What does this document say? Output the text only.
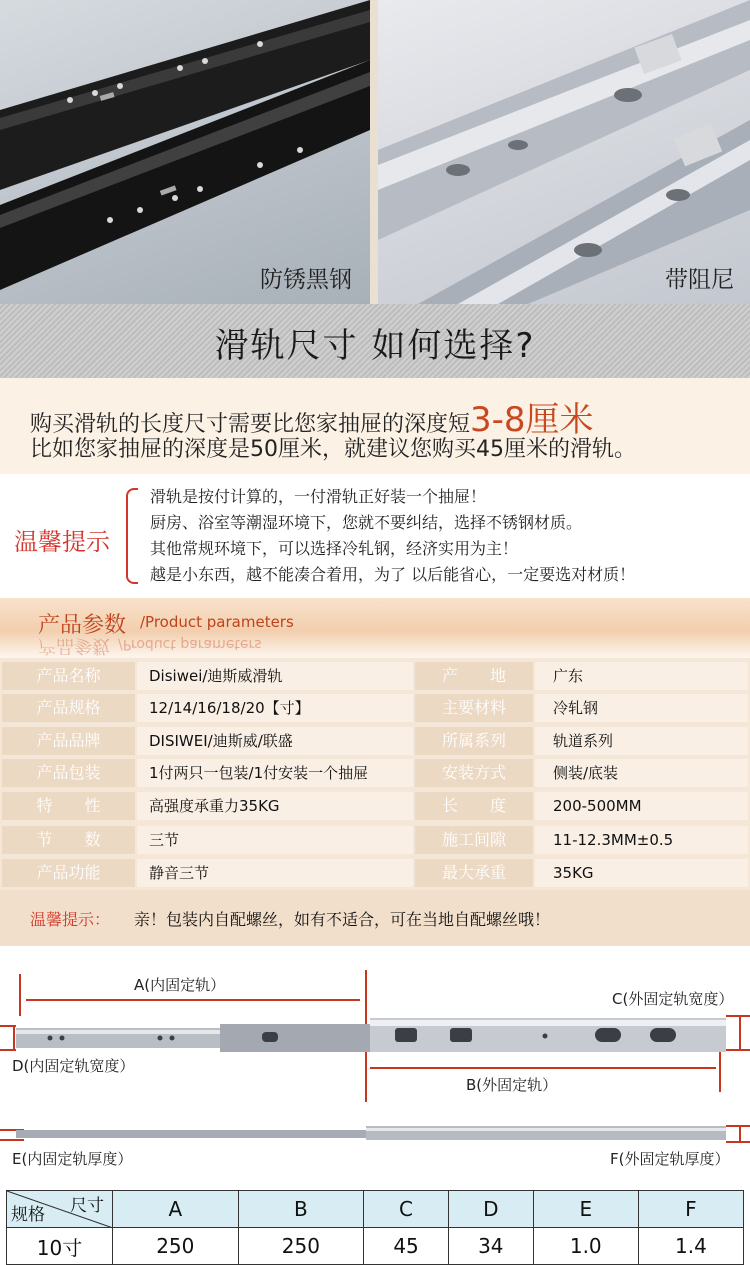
防锈黑钢	带阻尼
滑轨尺寸 如何选择?
购买滑轨的长度尺寸需要比您家抽屉的深度短3-8厘米
比如您家抽屉的深度是50厘米，就建议您购买45厘米的滑轨。
温馨提示
滑轨是按付计算的，一付滑轨正好装一个抽屉！
厨房、浴室等潮湿环境下，您就不要纠结，选择不锈钢材质。
其他常规环境下，可以选择冷轧钢，经济实用为主！
越是小东西，越不能凑合着用，为了 以后能省心，一定要选对材质！
产品参数 /Product parameters
产品参数 /Product parameters
产品名称	Disiwei/迪斯威滑轨	产　　地	广东
产品规格	12/14/16/18/20【寸】	主要材料	冷轧钢
产品品牌	DISIWEI/迪斯威/联盛	所属系列	轨道系列
产品包装	1付两只一包装/1付安装一个抽屉	安装方式	侧装/底装
特　　性	高强度承重力35KG	长　　度	200-500MM
节　　数	三节	施工间隙	11-12.3MM±0.5
产品功能	静音三节	最大承重	35KG
温馨提示： 亲！包装内自配螺丝，如有不适合，可在当地自配螺丝哦！
A(内固定轨）
C(外固定轨宽度）
D(内固定轨宽度）
B(外固定轨）
E(内固定轨厚度）	F(外固定轨厚度）
尺寸
规格	A	B	C	D	E	F
10寸	250	250	45	34	1.0	1.4
